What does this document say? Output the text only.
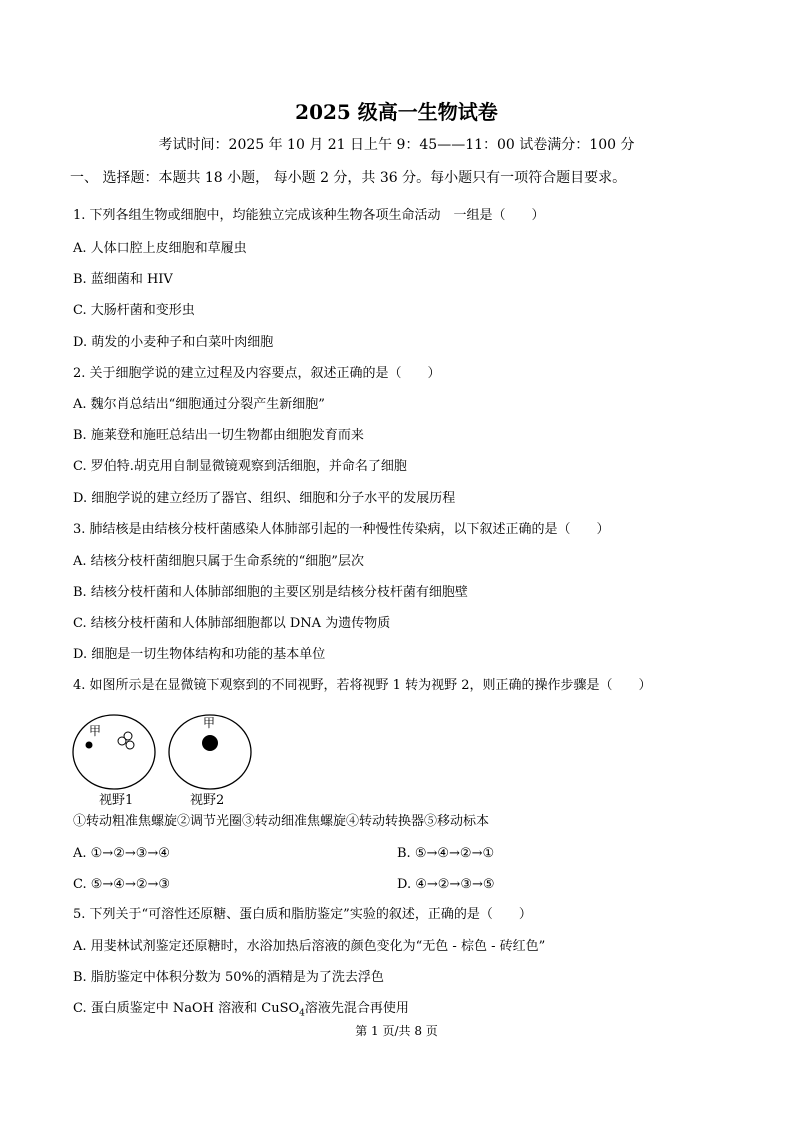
2025 级高一生物试卷
考试时间：2025 年 10 月 21 日上午 9：45——11：00 试卷满分：100 分
一、 选择题：本题共 18 小题， 每小题 2 分，共 36 分。每小题只有一项符合题目要求。
1. 下列各组生物或细胞中，均能独立完成该种生物各项生命活动　一组是（　　）
A. 人体口腔上皮细胞和草履虫
B. 蓝细菌和 HIV
C. 大肠杆菌和变形虫
D. 萌发的小麦种子和白菜叶肉细胞
2. 关于细胞学说的建立过程及内容要点，叙述正确的是（　　）
A. 魏尔肖总结出“细胞通过分裂产生新细胞”
B. 施莱登和施旺总结出一切生物都由细胞发育而来
C. 罗伯特.胡克用自制显微镜观察到活细胞，并命名了细胞
D. 细胞学说的建立经历了器官、组织、细胞和分子水平的发展历程
3. 肺结核是由结核分枝杆菌感染人体肺部引起的一种慢性传染病，以下叙述正确的是（　　）
A. 结核分枝杆菌细胞只属于生命系统的“细胞”层次
B. 结核分枝杆菌和人体肺部细胞的主要区别是结核分枝杆菌有细胞壁
C. 结核分枝杆菌和人体肺部细胞都以 DNA 为遗传物质
D. 细胞是一切生物体结构和功能的基本单位
4. 如图所示是在显微镜下观察到的不同视野，若将视野 1 转为视野 2，则正确的操作步骤是（　　）
甲
甲
视野1	视野2
①转动粗准焦螺旋②调节光圈③转动细准焦螺旋④转动转换器⑤移动标本
A. ①→②→③→④	B. ⑤→④→②→①
C. ⑤→④→②→③	D. ④→②→③→⑤
5. 下列关于“可溶性还原糖、蛋白质和脂肪鉴定”实验的叙述，正确的是（　　）
A. 用斐林试剂鉴定还原糖时，水浴加热后溶液的颜色变化为“无色 - 棕色 - 砖红色”
B. 脂肪鉴定中体积分数为 50%的酒精是为了洗去浮色
C. 蛋白质鉴定中 NaOH 溶液和 CuSO$_4$溶液先混合再使用
第 1 页/共 8 页
